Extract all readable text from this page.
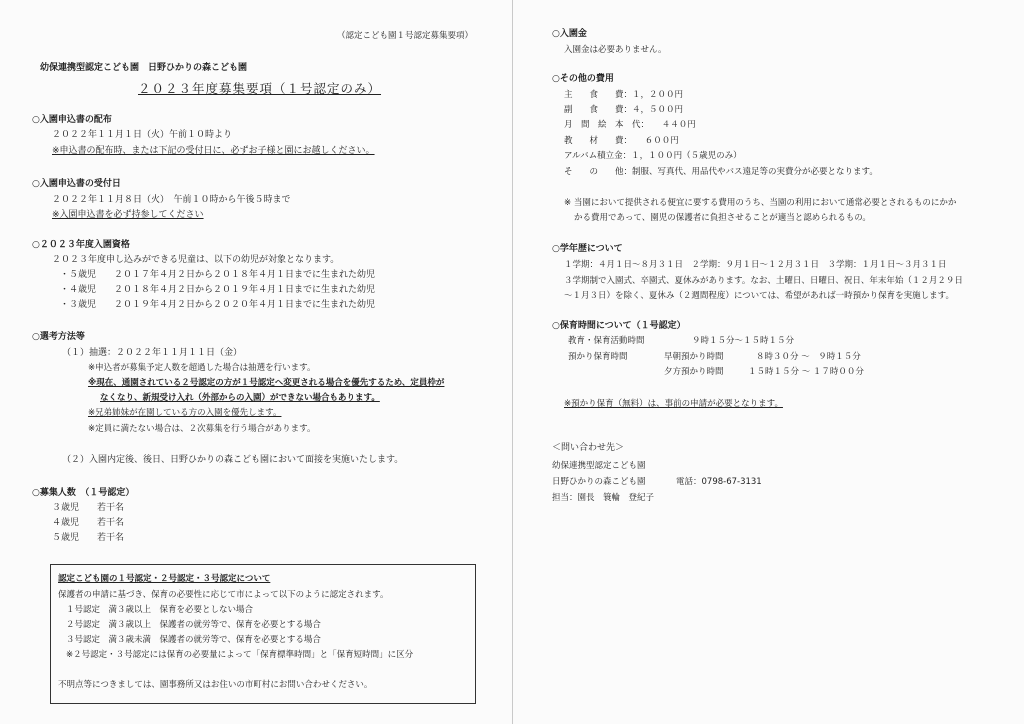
（認定こども園１号認定募集要項）
幼保連携型認定こども園　日野ひかりの森こども園
２０２３年度募集要項（１号認定のみ）
○入園申込書の配布
２０２２年１１月１日（火）午前１０時より
※申込書の配布時、または下記の受付日に、必ずお子様と園にお越しください。
○入園申込書の受付日
２０２２年１１月８日（火）　午前１０時から午後５時まで
※入園申込書を必ず持参してください
○２０２３年度入園資格
２０２３年度申し込みができる児童は、以下の幼児が対象となります。
・５歳児　　２０１７年４月２日から２０１８年４月１日までに生まれた幼児
・４歳児　　２０１８年４月２日から２０１９年４月１日までに生まれた幼児
・３歳児　　２０１９年４月２日から２０２０年４月１日までに生まれた幼児
○選考方法等
（１）抽選：２０２２年１１月１１日（金）
※申込者が募集予定人数を超過した場合は抽選を行います。
※現在、通園されている２号認定の方が１号認定へ変更される場合を優先するため、定員枠が
なくなり、新規受け入れ（外部からの入園）ができない場合もあります。
※兄弟姉妹が在園している方の入園を優先します。
※定員に満たない場合は、２次募集を行う場合があります。
（２）入園内定後、後日、日野ひかりの森こども園において面接を実施いたします。
○募集人数　（１号認定）
３歳児　　若干名
４歳児　　若干名
５歳児　　若干名
認定こども園の１号認定・２号認定・３号認定について
保護者の申請に基づき、保育の必要性に応じて市によって以下のように認定されます。
１号認定　満３歳以上　保育を必要としない場合
２号認定　満３歳以上　保護者の就労等で、保育を必要とする場合
３号認定　満３歳未満　保護者の就労等で、保育を必要とする場合
※２号認定・３号認定には保育の必要量によって「保育標準時間」と「保育短時間」に区分
不明点等につきましては、園事務所又はお住いの市町村にお問い合わせください。
○入園金
入園金は必要ありません。
○その他の費用
主　　食　　費：１，２００円
副　　食　　費：４，５００円
月　間　絵　本　代：　　４４０円
教　　材　　費：　　６００円
アルバム積立金：１，１００円（５歳児のみ）
そ　　の　　他：制服、写真代、用品代やバス遠足等の実費分が必要となります。
※ 当園において提供される便宜に要する費用のうち、当園の利用において通常必要とされるものにかか
かる費用であって、園児の保護者に負担させることが適当と認められるもの。
○学年歴について
１学期：４月１日～８月３１日　２学期：９月１日～１２月３１日　３学期：１月１日～３月３１日
３学期制で入園式、卒園式、夏休みがあります。なお、土曜日、日曜日、祝日、年末年始（１２月２９日
～１月３日）を除く、夏休み（２週間程度）については、希望があれば一時預かり保育を実施します。
○保育時間について（１号認定）
教育・保育活動時間	９時１５分～１５時１５分
預かり保育時間	早朝預かり時間	８時３０分 ～　９時１５分
夕方預かり時間	１５時１５分 ～ １７時００分
※預かり保育（無料）は、事前の申請が必要となります。
＜問い合わせ先＞
幼保連携型認定こども園
日野ひかりの森こども園	電話：0798-67-3131
担当：園長　簑輪　登紀子
